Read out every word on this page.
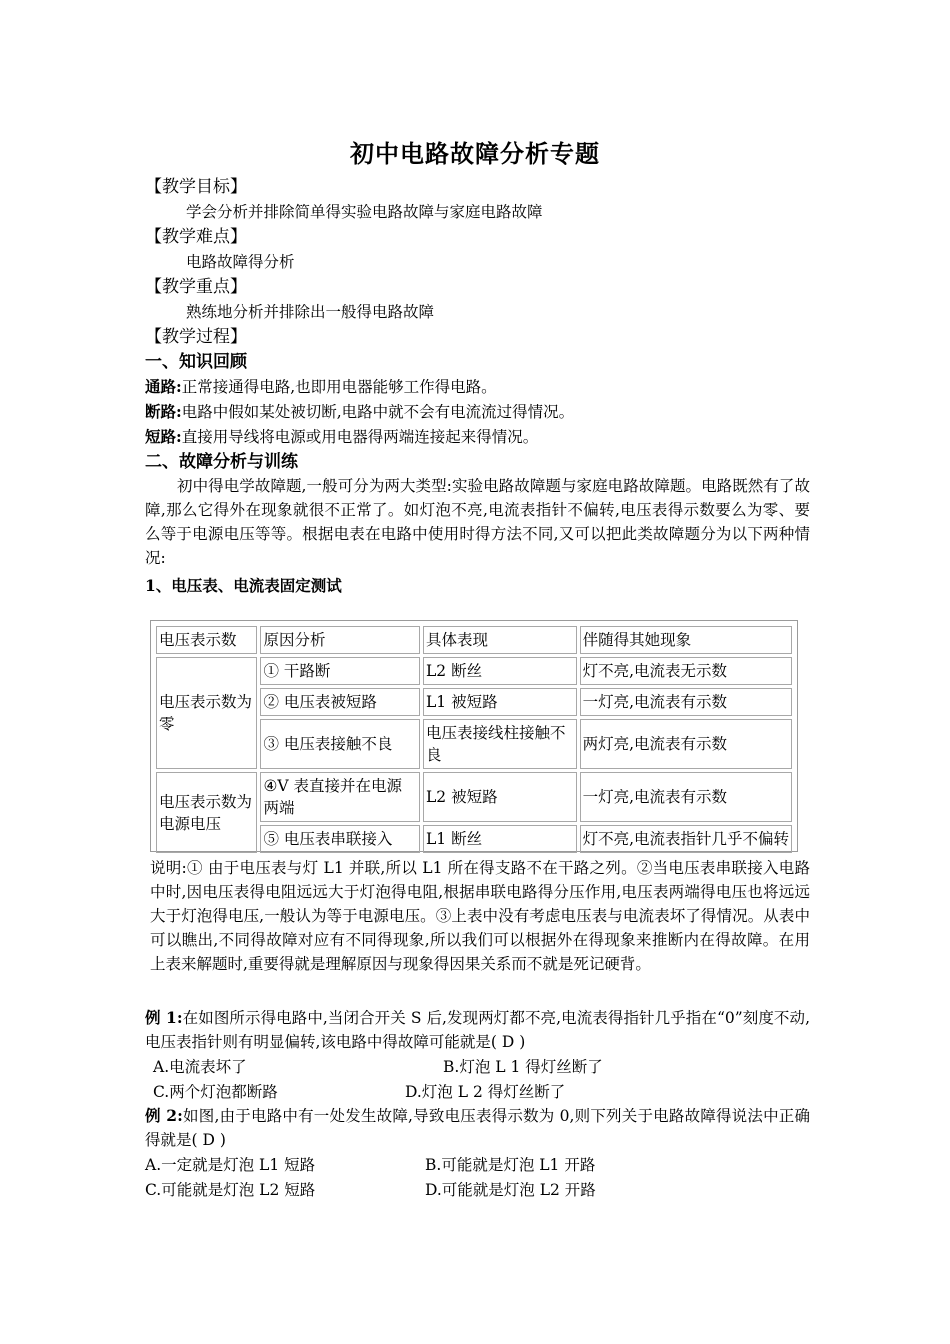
初中电路故障分析专题
【教学目标】
学会分析并排除简单得实验电路故障与家庭电路故障
【教学难点】
电路故障得分析
【教学重点】
熟练地分析并排除出一般得电路故障
【教学过程】
一、知识回顾
通路:正常接通得电路,也即用电器能够工作得电路。
断路:电路中假如某处被切断,电路中就不会有电流流过得情况。
短路:直接用导线将电源或用电器得两端连接起来得情况。
二、故障分析与训练
初中得电学故障题,一般可分为两大类型:实验电路故障题与家庭电路故障题。电路既然有了故障,那么它得外在现象就很不正常了。如灯泡不亮,电流表指针不偏转,电压表得示数要么为零、要么等于电源电压等等。根据电表在电路中使用时得方法不同,又可以把此类故障题分为以下两种情况:
1、电压表、电流表固定测试
电压表示数	原因分析	具体表现	伴随得其她现象
电压表示数为零	① 干路断	L2 断丝	灯不亮,电流表无示数
	② 电压表被短路	L1 被短路	一灯亮,电流表有示数
	③ 电压表接触不良	电压表接线柱接触不良	两灯亮,电流表有示数
电压表示数为电源电压	④V 表直接并在电源两端	L2 被短路	一灯亮,电流表有示数
	⑤ 电压表串联接入	L1 断丝	灯不亮,电流表指针几乎不偏转
说明:① 由于电压表与灯 L1 并联,所以 L1 所在得支路不在干路之列。②当电压表串联接入电路中时,因电压表得电阻远远大于灯泡得电阻,根据串联电路得分压作用,电压表两端得电压也将远远大于灯泡得电压,一般认为等于电源电压。③上表中没有考虑电压表与电流表坏了得情况。从表中可以瞧出,不同得故障对应有不同得现象,所以我们可以根据外在得现象来推断内在得故障。在用上表来解题时,重要得就是理解原因与现象得因果关系而不就是死记硬背。
例 1:在如图所示得电路中,当闭合开关 S 后,发现两灯都不亮,电流表得指针几乎指在“0”刻度不动,电压表指针则有明显偏转,该电路中得故障可能就是( D )
A.电流表坏了	B.灯泡 L 1 得灯丝断了
C.两个灯泡都断路	D.灯泡 L 2 得灯丝断了
例 2:如图,由于电路中有一处发生故障,导致电压表得示数为 0,则下列关于电路故障得说法中正确得就是( D )
A.一定就是灯泡 L1 短路	B.可能就是灯泡 L1 开路
C.可能就是灯泡 L2 短路	D.可能就是灯泡 L2 开路
